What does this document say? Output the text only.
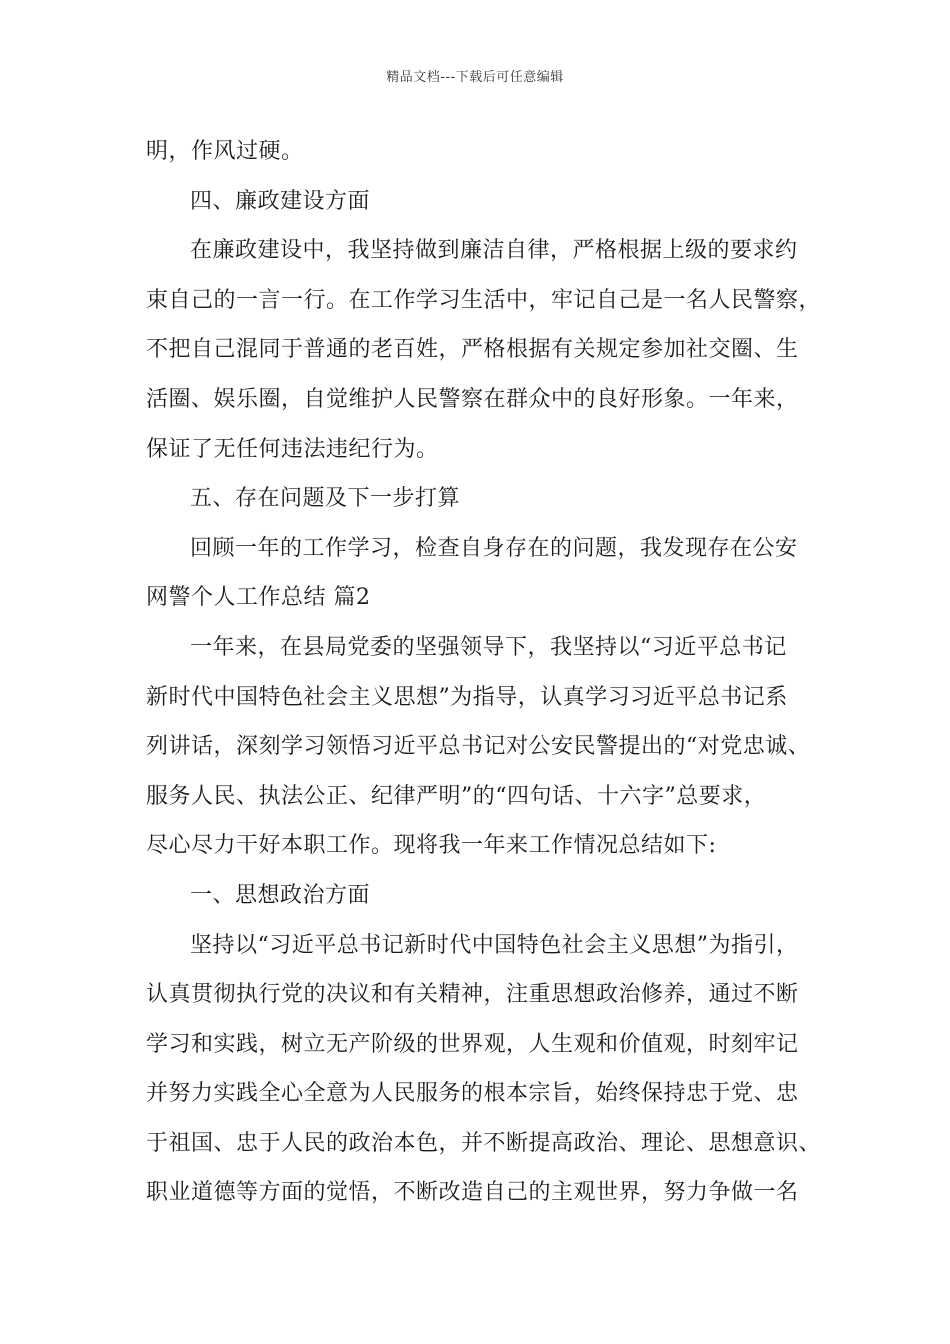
精品文档---下载后可任意编辑
明，作风过硬。
四、廉政建设方面
在廉政建设中，我坚持做到廉洁自律，严格根据上级的要求约
束自己的一言一行。在工作学习生活中，牢记自己是一名人民警察，
不把自己混同于普通的老百姓，严格根据有关规定参加社交圈、生
活圈、娱乐圈，自觉维护人民警察在群众中的良好形象。一年来，
保证了无任何违法违纪行为。
五、存在问题及下一步打算
回顾一年的工作学习，检查自身存在的问题，我发现存在公安
网警个人工作总结 篇2
一年来，在县局党委的坚强领导下，我坚持以“习近平总书记
新时代中国特色社会主义思想”为指导，认真学习习近平总书记系
列讲话，深刻学习领悟习近平总书记对公安民警提出的“对党忠诚、
服务人民、执法公正、纪律严明”的“四句话、十六字”总要求，
尽心尽力干好本职工作。现将我一年来工作情况总结如下:
一、思想政治方面
坚持以“习近平总书记新时代中国特色社会主义思想”为指引，
认真贯彻执行党的决议和有关精神，注重思想政治修养，通过不断
学习和实践，树立无产阶级的世界观，人生观和价值观，时刻牢记
并努力实践全心全意为人民服务的根本宗旨，始终保持忠于党、忠
于祖国、忠于人民的政治本色，并不断提高政治、理论、思想意识、
职业道德等方面的觉悟，不断改造自己的主观世界，努力争做一名
